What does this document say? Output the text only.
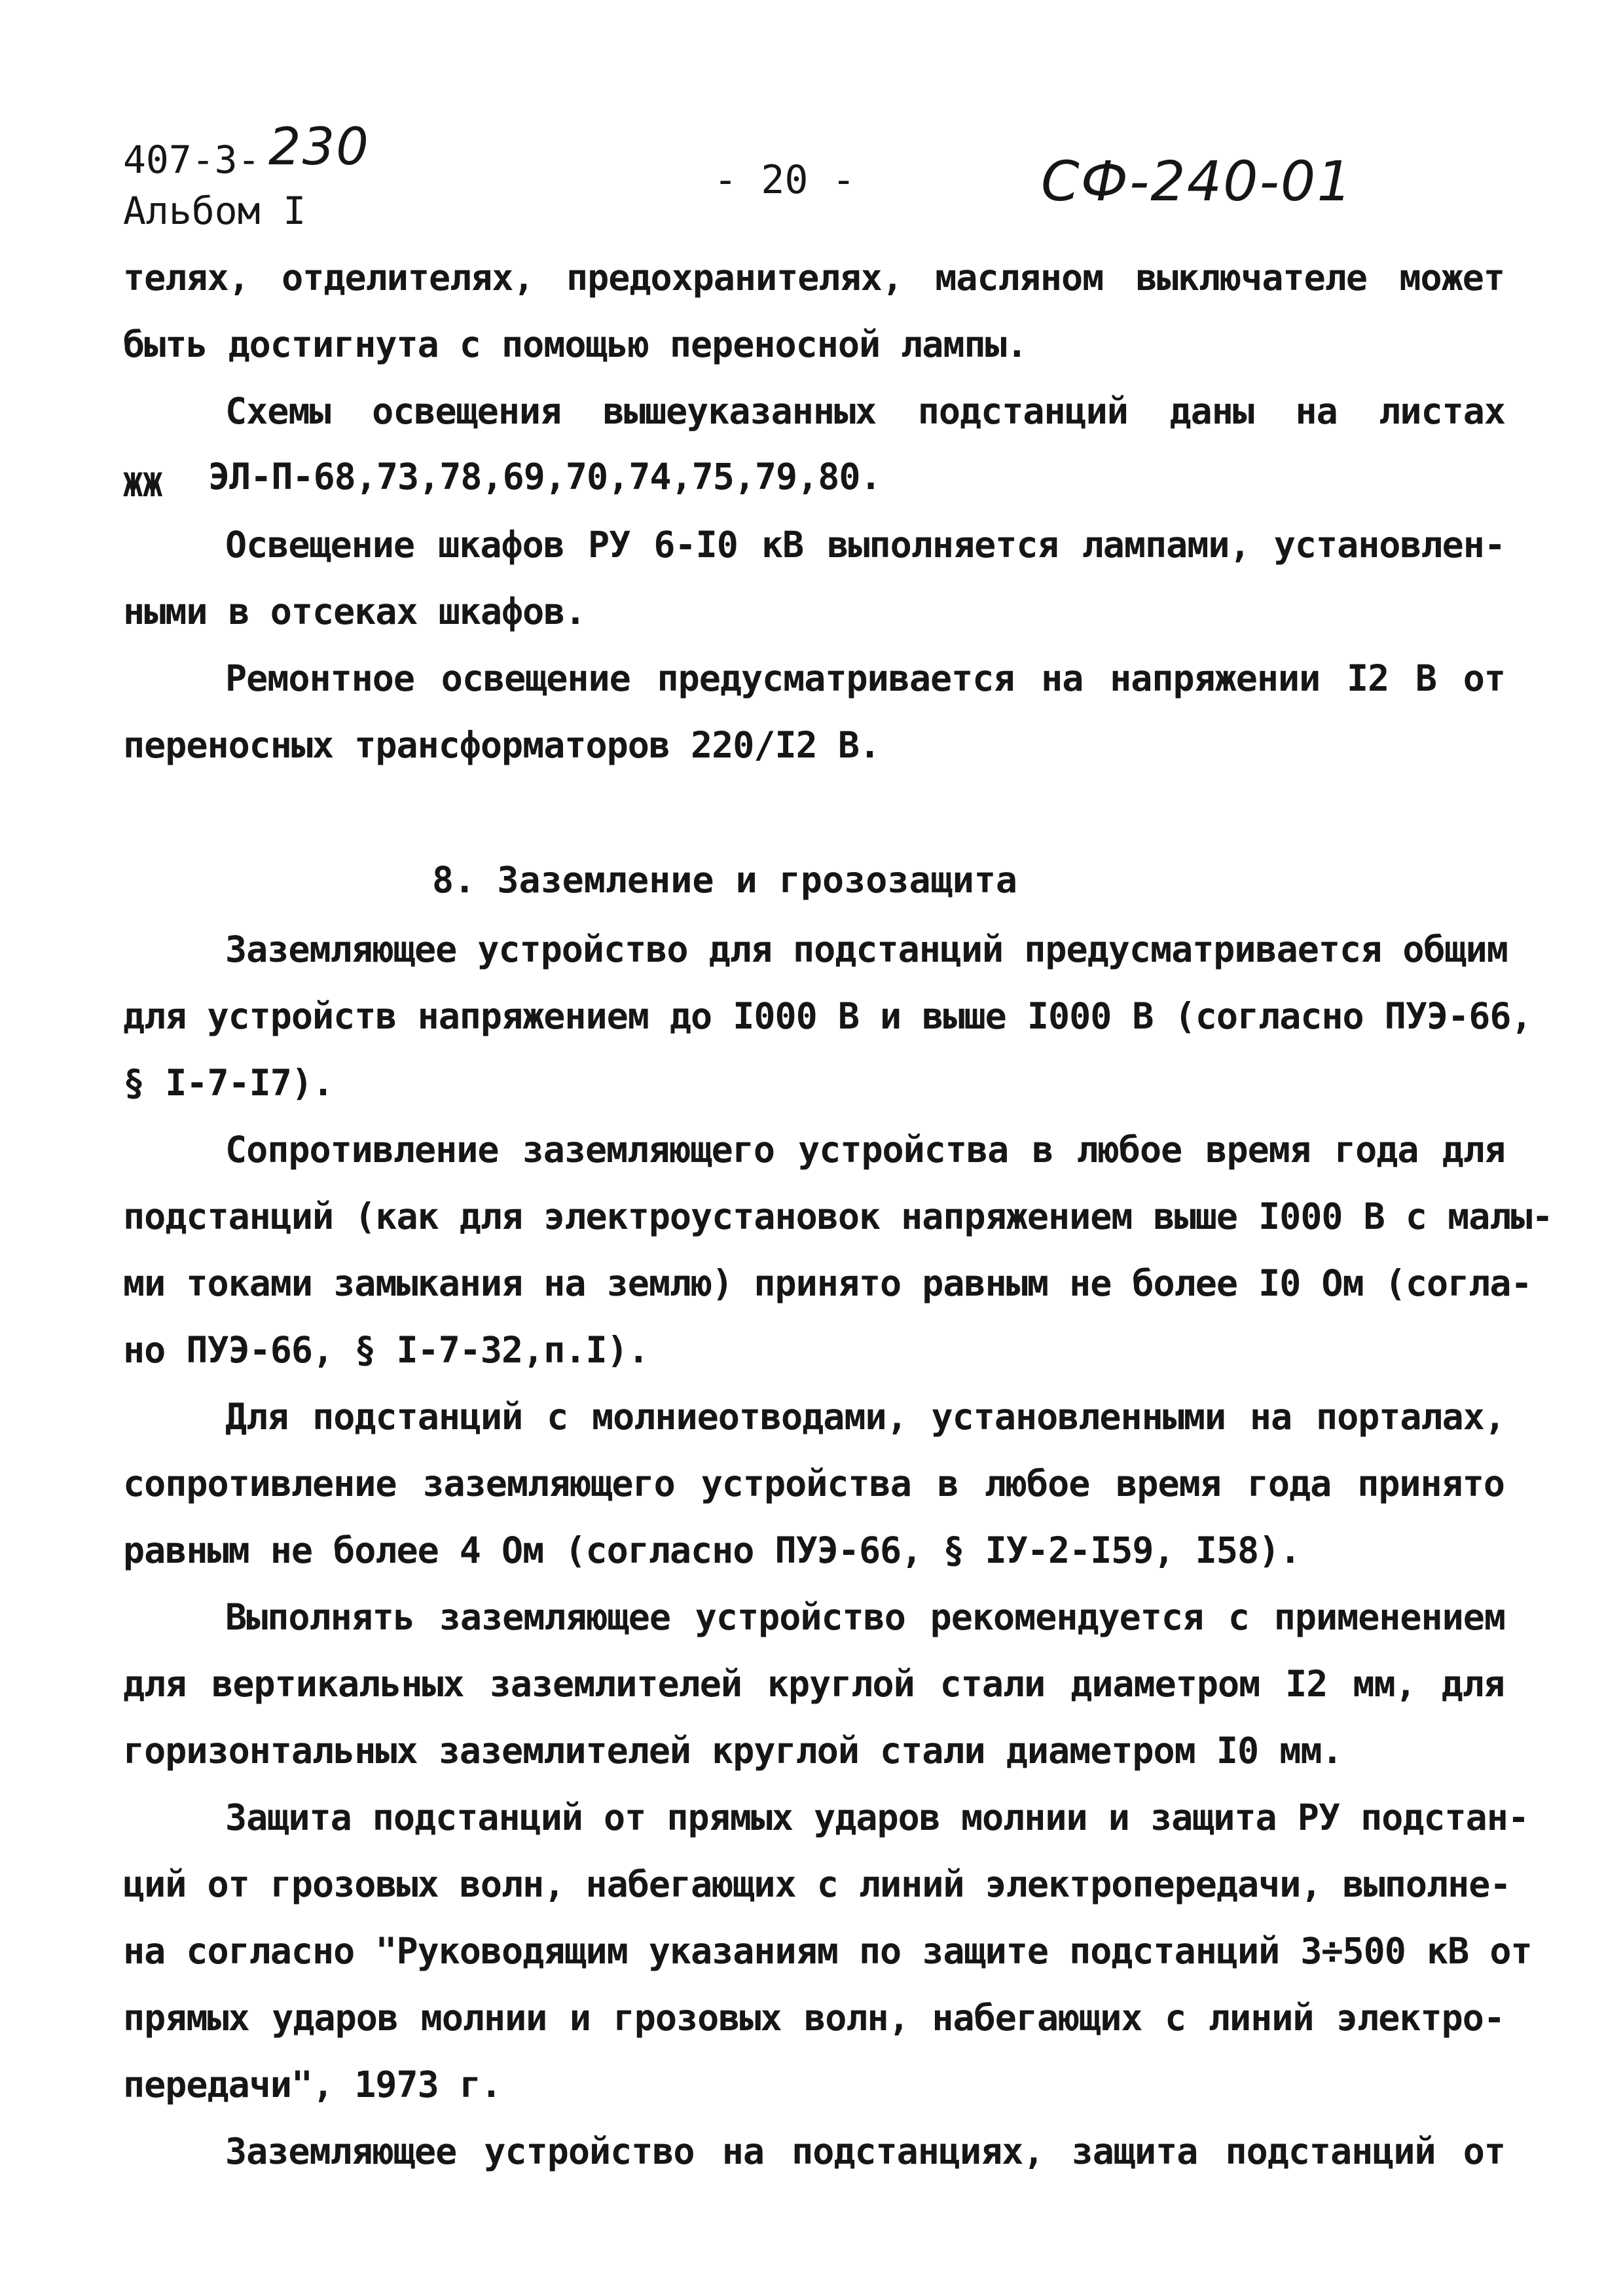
407-3- 230
Альбом I
- 20 -	СФ-240-01
телях, отделителях, предохранителях, масляном выключателе может
быть достигнута с помощью переносной лампы.
Схемы освещения вышеуказанных подстанций даны на листах
ЖЖ ЭЛ-П-68,73,78,69,70,74,75,79,80.
Освещение шкафов РУ 6-I0 кВ выполняется лампами, установлен-
ными в отсеках шкафов.
Ремонтное освещение предусматривается на напряжении I2 В от
переносных трансформаторов 220/I2 В.
8. Заземление и грозозащита
Заземляющее устройство для подстанций предусматривается общим
для устройств напряжением до I000 В и выше I000 В (согласно ПУЭ-66,
§ I-7-I7).
Сопротивление заземляющего устройства в любое время года для
подстанций (как для электроустановок напряжением выше I000 В с малы-
ми токами замыкания на землю) принято равным не более I0 Ом (согла-
но ПУЭ-66, § I-7-32,п.I).
Для подстанций с молниеотводами, установленными на порталах,
сопротивление заземляющего устройства в любое время года принято
равным не более 4 Ом (согласно ПУЭ-66, § IУ-2-I59, I58).
Выполнять заземляющее устройство рекомендуется с применением
для вертикальных заземлителей круглой стали диаметром I2 мм, для
горизонтальных заземлителей круглой стали диаметром I0 мм.
Защита подстанций от прямых ударов молнии и защита РУ подстан-
ций от грозовых волн, набегающих с линий электропередачи, выполне-
на согласно "Руководящим указаниям по защите подстанций 3÷500 кВ от
прямых ударов молнии и грозовых волн, набегающих с линий электро-
передачи", 1973 г.
Заземляющее устройство на подстанциях, защита подстанций от
